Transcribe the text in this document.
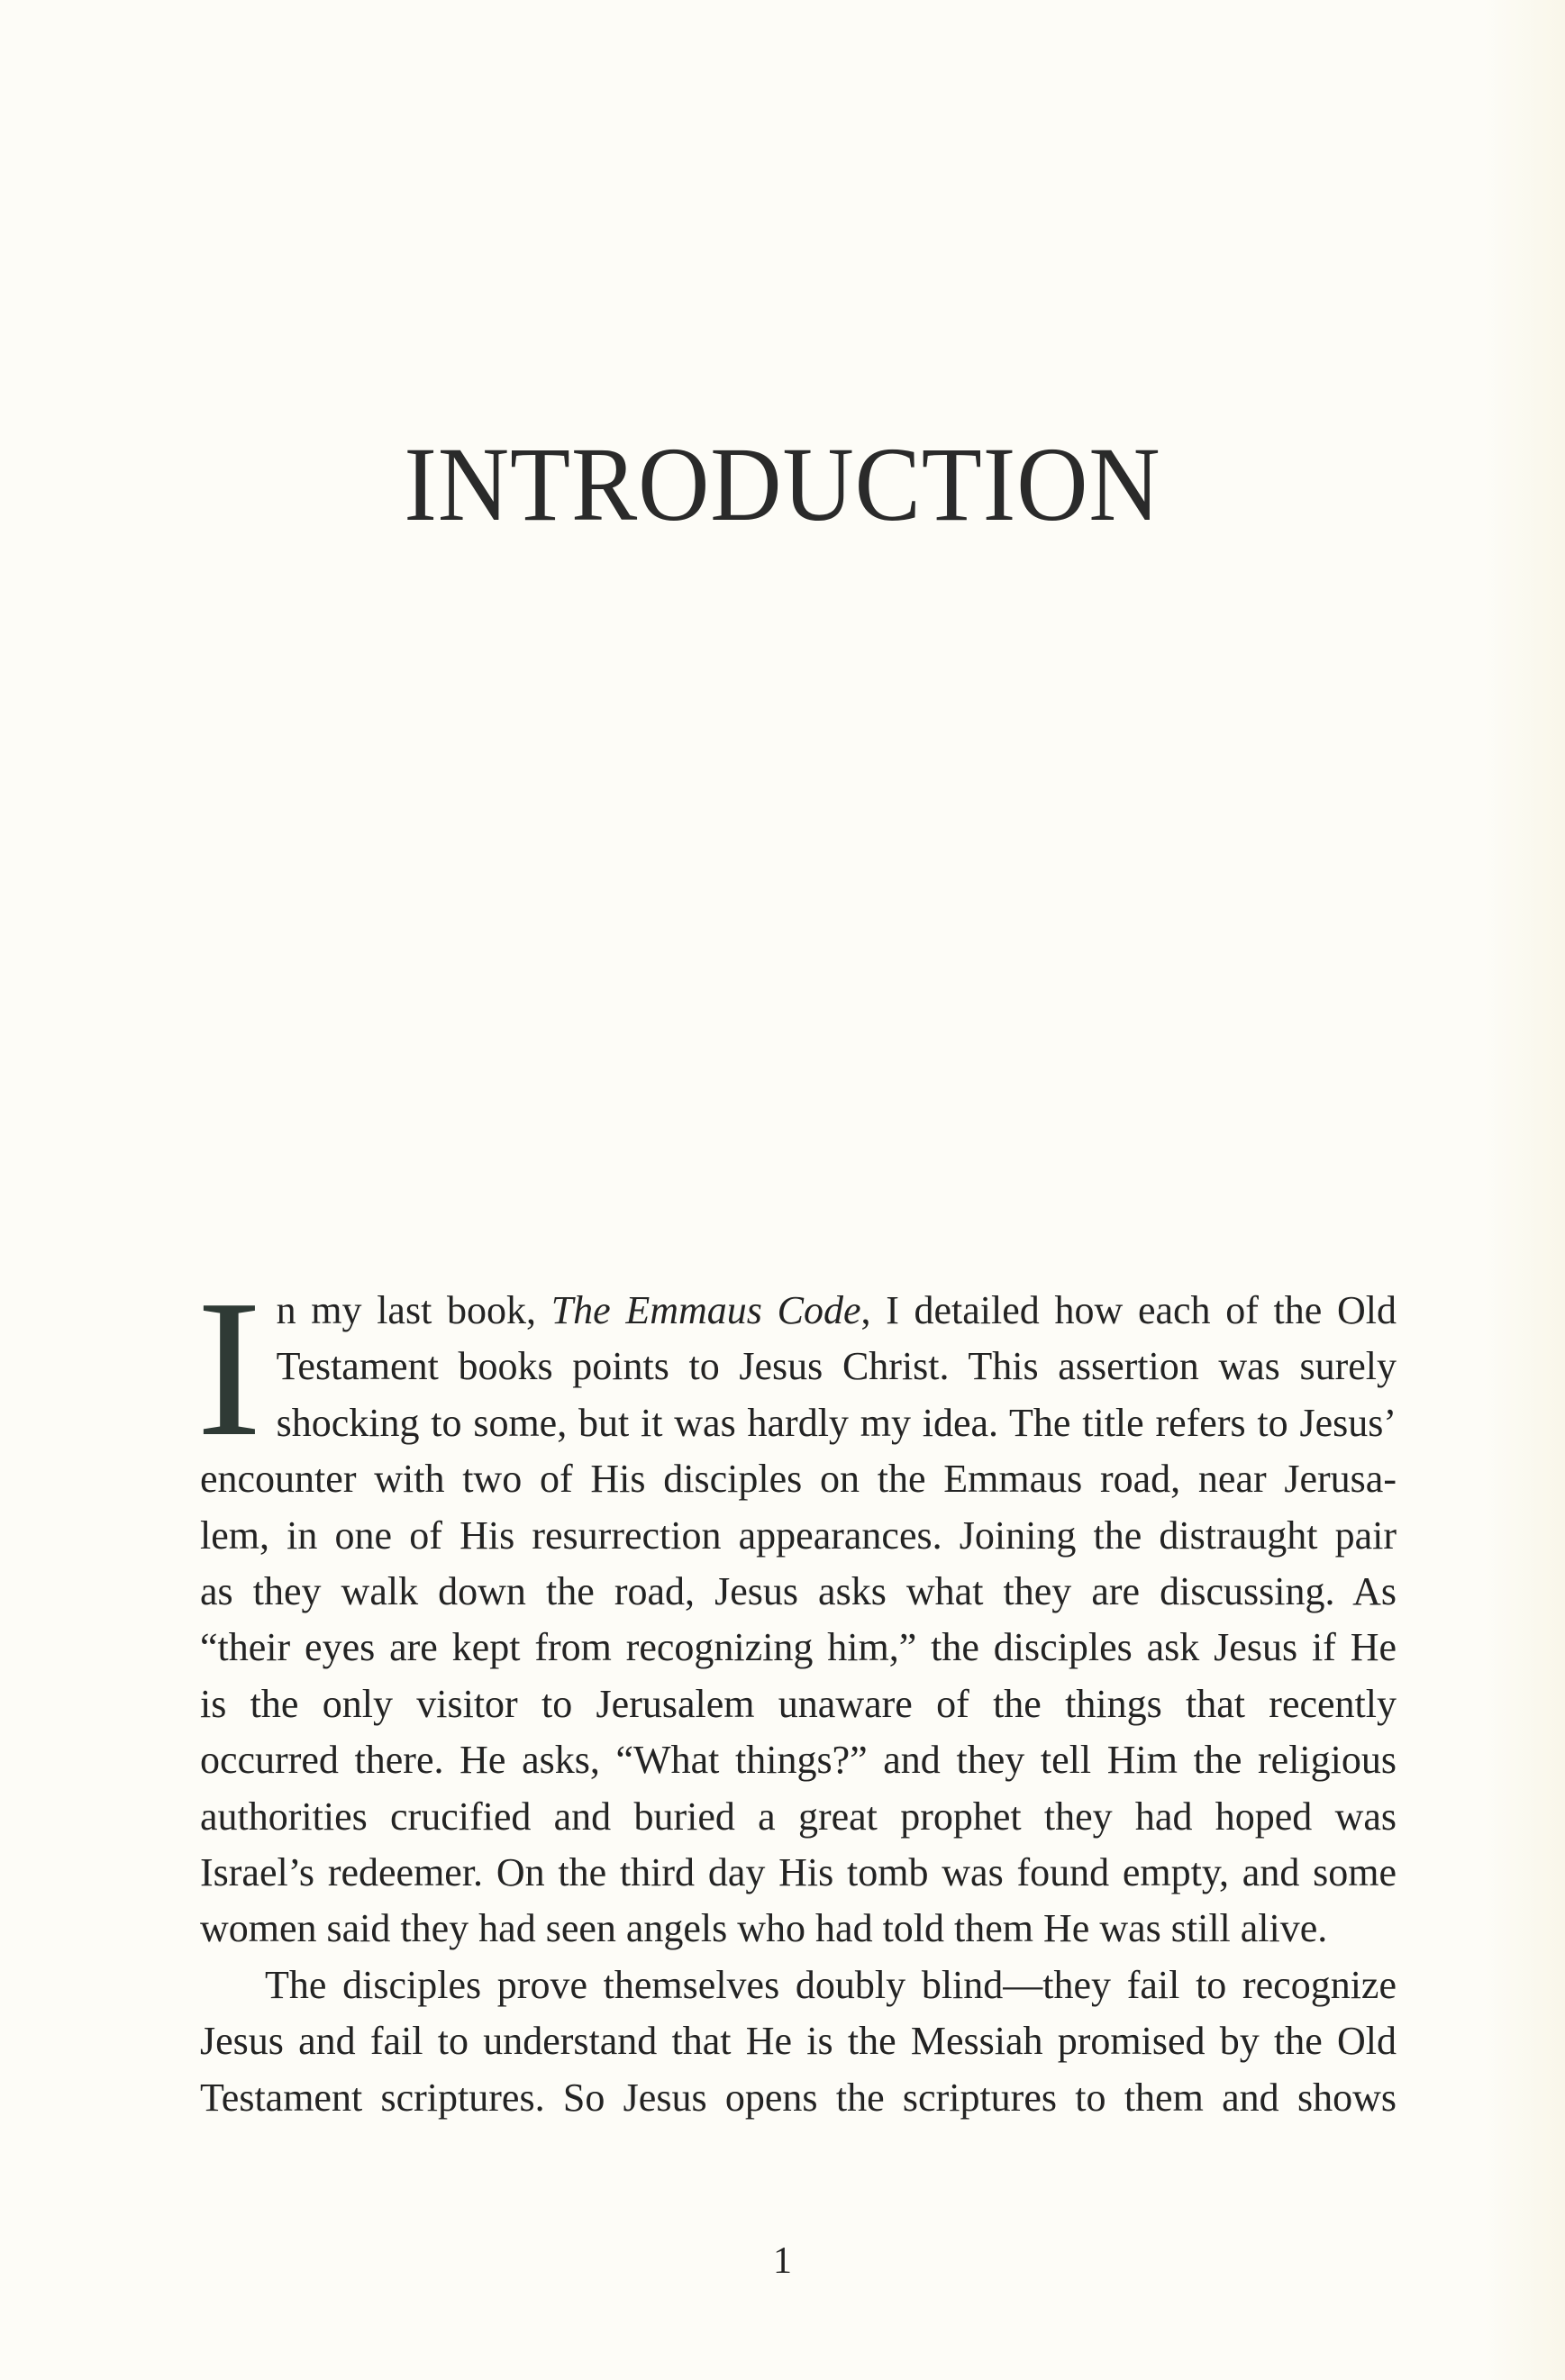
INTRODUCTION

I n my last book, The Emmaus Code, I detailed how each of the Old
Testament books points to Jesus Christ. This assertion was surely
shocking to some, but it was hardly my idea. The title refers to Jesus’
encounter with two of His disciples on the Emmaus road, near Jerusa-
lem, in one of His resurrection appearances. Joining the distraught pair
as they walk down the road, Jesus asks what they are discussing. As
“their eyes are kept from recognizing him,” the disciples ask Jesus if He
is the only visitor to Jerusalem unaware of the things that recently
occurred there. He asks, “What things?” and they tell Him the religious
authorities crucified and buried a great prophet they had hoped was
Israel’s redeemer. On the third day His tomb was found empty, and some
women said they had seen angels who had told them He was still alive.

The disciples prove themselves doubly blind—they fail to recognize
Jesus and fail to understand that He is the Messiah promised by the Old
Testament scriptures. So Jesus opens the scriptures to them and shows

1
